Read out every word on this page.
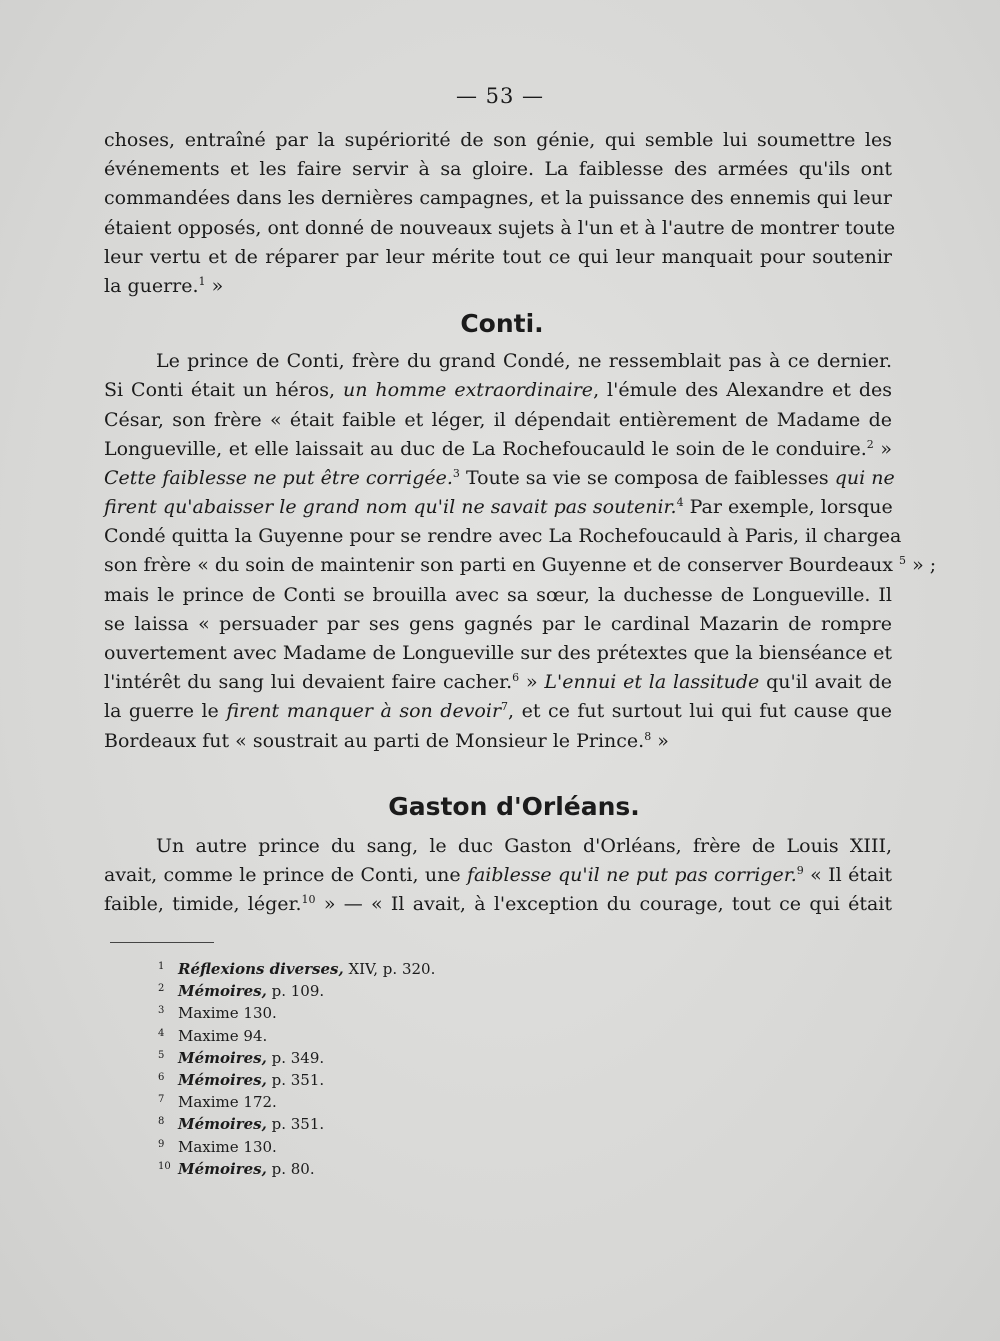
— 53 —
choses, entraîné par la supériorité de son génie, qui semble lui soumettre les
événements et les faire servir à sa gloire. La faiblesse des armées qu'ils ont
commandées dans les dernières campagnes, et la puissance des ennemis qui leur
étaient opposés, ont donné de nouveaux sujets à l'un et à l'autre de montrer toute
leur vertu et de réparer par leur mérite tout ce qui leur manquait pour soutenir
la guerre.$^1$ »
Conti.
Le prince de Conti, frère du grand Condé, ne ressemblait pas à ce dernier.
Si Conti était un héros, un homme extraordinaire, l'émule des Alexandre et des
César, son frère « était faible et léger, il dépendait entièrement de Madame de
Longueville, et elle laissait au duc de La Rochefoucauld le soin de le conduire.$^2$ »
Cette faiblesse ne put être corrigée.$^3$ Toute sa vie se composa de faiblesses qui ne
firent qu'abaisser le grand nom qu'il ne savait pas soutenir.$^4$ Par exemple, lorsque
Condé quitta la Guyenne pour se rendre avec La Rochefoucauld à Paris, il chargea
son frère « du soin de maintenir son parti en Guyenne et de conserver Bourdeaux $^5$ » ;
mais le prince de Conti se brouilla avec sa sœur, la duchesse de Longueville. Il
se laissa « persuader par ses gens gagnés par le cardinal Mazarin de rompre
ouvertement avec Madame de Longueville sur des prétextes que la bienséance et
l'intérêt du sang lui devaient faire cacher.$^6$ » L'ennui et la lassitude qu'il avait de
la guerre le firent manquer à son devoir$^7$, et ce fut surtout lui qui fut cause que
Bordeaux fut « soustrait au parti de Monsieur le Prince.$^8$ »
Gaston d'Orléans.
Un autre prince du sang, le duc Gaston d'Orléans, frère de Louis XIII,
avait, comme le prince de Conti, une faiblesse qu'il ne put pas corriger.$^9$ « Il était
faible, timide, léger.$^{10}$ » — « Il avait, à l'exception du courage, tout ce qui était
1 Réflexions diverses, XIV, p. 320.
2 Mémoires, p. 109.
3 Maxime 130.
4 Maxime 94.
5 Mémoires, p. 349.
6 Mémoires, p. 351.
7 Maxime 172.
8 Mémoires, p. 351.
9 Maxime 130.
10 Mémoires, p. 80.
